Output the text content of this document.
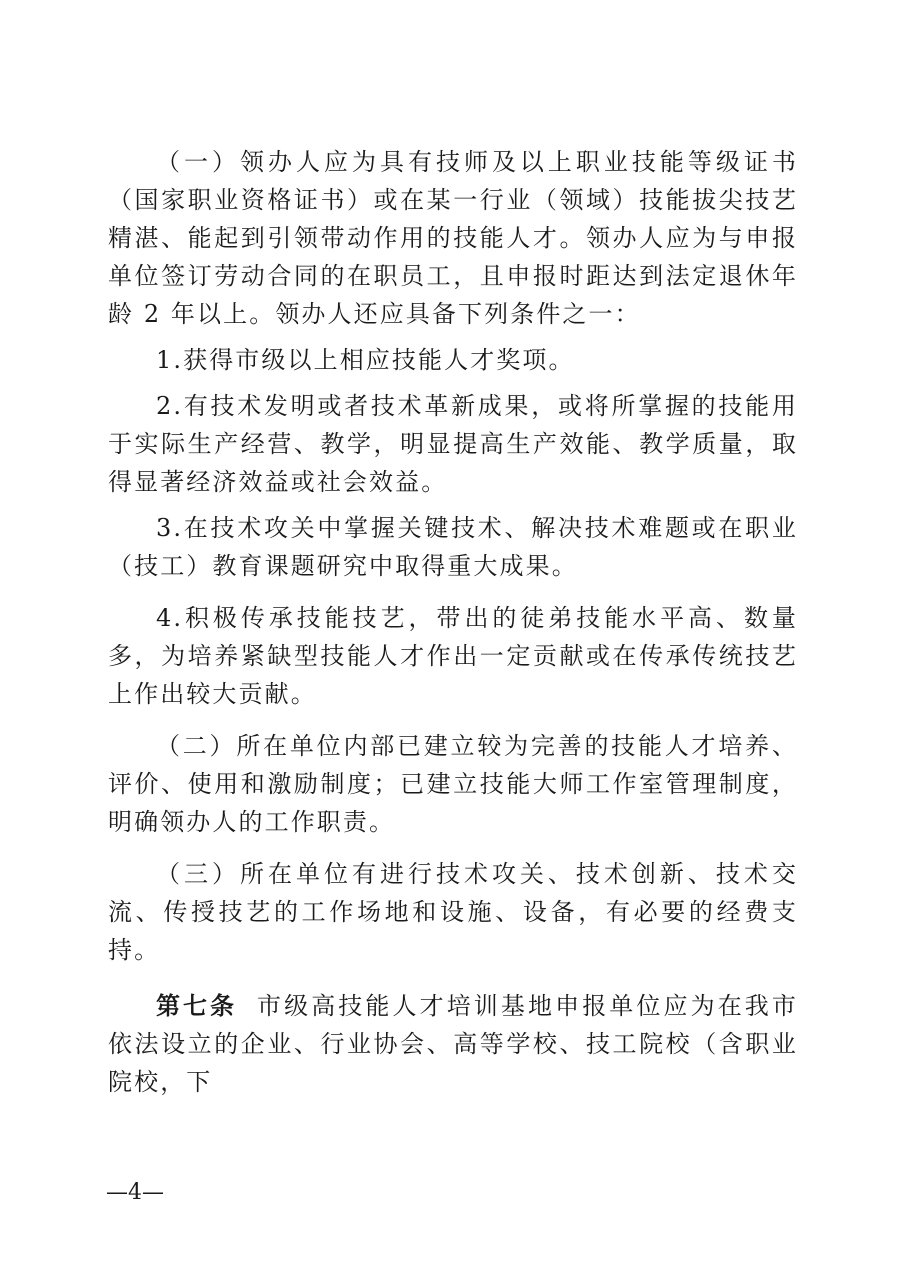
（一）领办人应为具有技师及以上职业技能等级证书（国家职业资格证书）或在某一行业（领域）技能拔尖技艺精湛、能起到引领带动作用的技能人才。领办人应为与申报单位签订劳动合同的在职员工，且申报时距达到法定退休年龄 2 年以上。领办人还应具备下列条件之一：

1.获得市级以上相应技能人才奖项。

2.有技术发明或者技术革新成果，或将所掌握的技能用于实际生产经营、教学，明显提高生产效能、教学质量，取得显著经济效益或社会效益。

3.在技术攻关中掌握关键技术、解决技术难题或在职业（技工）教育课题研究中取得重大成果。

4.积极传承技能技艺，带出的徒弟技能水平高、数量多，为培养紧缺型技能人才作出一定贡献或在传承传统技艺上作出较大贡献。

（二）所在单位内部已建立较为完善的技能人才培养、评价、使用和激励制度；已建立技能大师工作室管理制度，明确领办人的工作职责。

（三）所在单位有进行技术攻关、技术创新、技术交流、传授技艺的工作场地和设施、设备，有必要的经费支持。

第七条 市级高技能人才培训基地申报单位应为在我市依法设立的企业、行业协会、高等学校、技工院校（含职业院校，下

—4—
